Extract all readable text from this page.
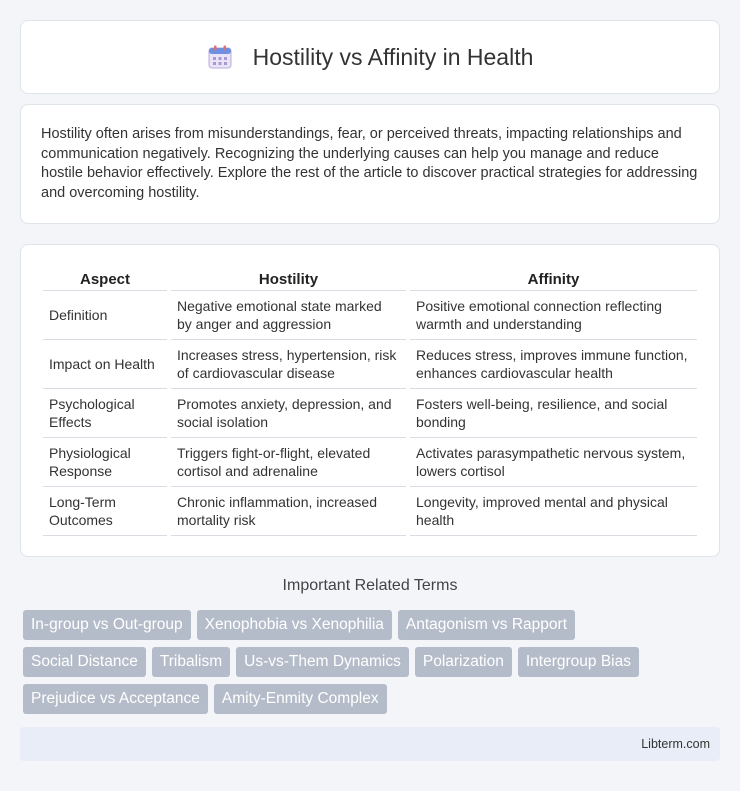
Hostility vs Affinity in Health

Hostility often arises from misunderstandings, fear, or perceived threats, impacting relationships and communication negatively. Recognizing the underlying causes can help you manage and reduce hostile behavior effectively. Explore the rest of the article to discover practical strategies for addressing and overcoming hostility.

Aspect	Hostility	Affinity
Definition	Negative emotional state marked by anger and aggression	Positive emotional connection reflecting warmth and understanding
Impact on Health	Increases stress, hypertension, risk of cardiovascular disease	Reduces stress, improves immune function, enhances cardiovascular health
Psychological Effects	Promotes anxiety, depression, and social isolation	Fosters well-being, resilience, and social bonding
Physiological Response	Triggers fight-or-flight, elevated cortisol and adrenaline	Activates parasympathetic nervous system, lowers cortisol
Long-Term Outcomes	Chronic inflammation, increased mortality risk	Longevity, improved mental and physical health
Important Related Terms
In-group vs Out-group	Xenophobia vs Xenophilia	Antagonism vs Rapport
Social Distance	Tribalism	Us-vs-Them Dynamics	Polarization	Intergroup Bias
Prejudice vs Acceptance	Amity-Enmity Complex
Libterm.com
